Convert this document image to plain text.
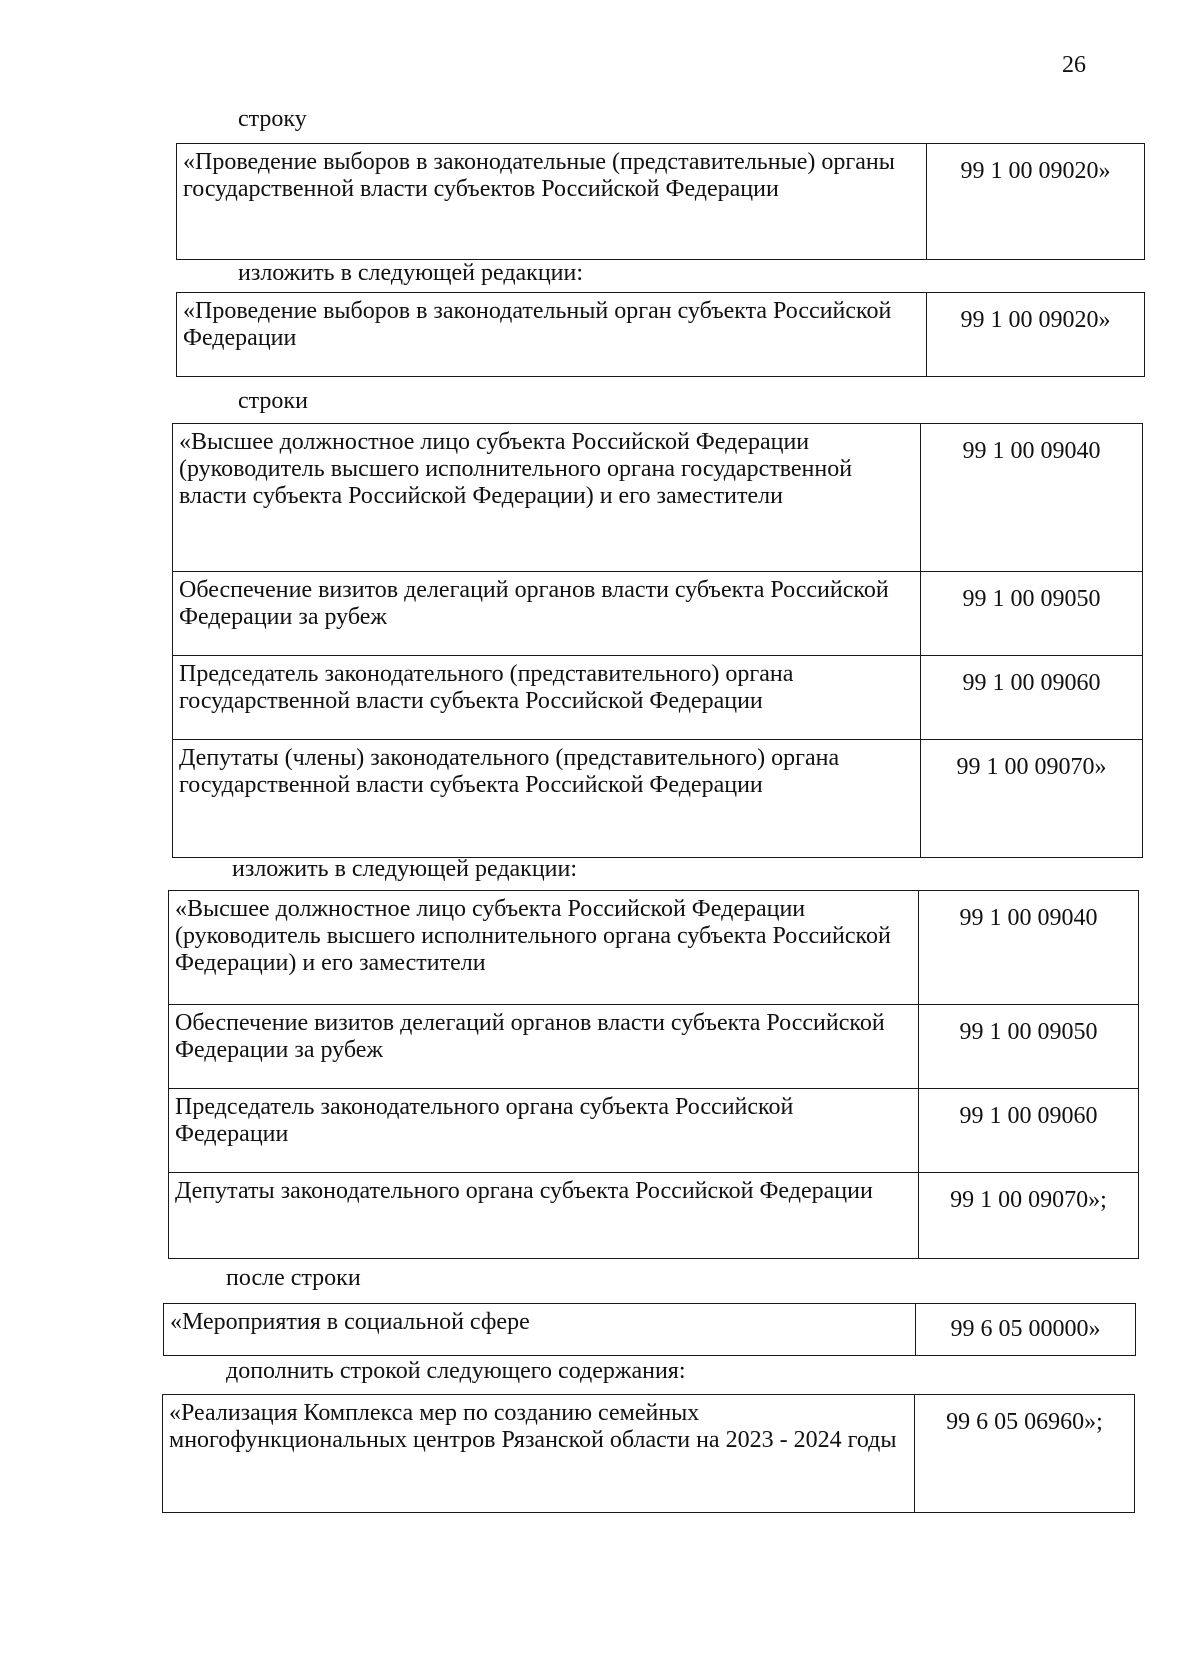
26
строку
«Проведение выборов в законодательные (представительные) органы государственной власти субъектов Российской Федерации	99 1 00 09020»
изложить в следующей редакции:
«Проведение выборов в законодательный орган субъекта Российской Федерации	99 1 00 09020»
строки
«Высшее должностное лицо субъекта Российской Федерации (руководитель высшего исполнительного органа государственной власти субъекта Российской Федерации) и его заместители	99 1 00 09040
Обеспечение визитов делегаций органов власти субъекта Российской Федерации за рубеж	99 1 00 09050
Председатель законодательного (представительного) органа государственной власти субъекта Российской Федерации	99 1 00 09060
Депутаты (члены) законодательного (представительного) органа государственной власти субъекта Российской Федерации	99 1 00 09070»
изложить в следующей редакции:
«Высшее должностное лицо субъекта Российской Федерации (руководитель высшего исполнительного органа субъекта Российской Федерации) и его заместители	99 1 00 09040
Обеспечение визитов делегаций органов власти субъекта Российской Федерации за рубеж	99 1 00 09050
Председатель законодательного органа субъекта Российской Федерации	99 1 00 09060
Депутаты законодательного органа субъекта Российской Федерации	99 1 00 09070»;
после строки
«Мероприятия в социальной сфере	99 6 05 00000»
дополнить строкой следующего содержания:
«Реализация Комплекса мер по созданию семейных многофункциональных центров Рязанской области на 2023 - 2024 годы	99 6 05 06960»;
